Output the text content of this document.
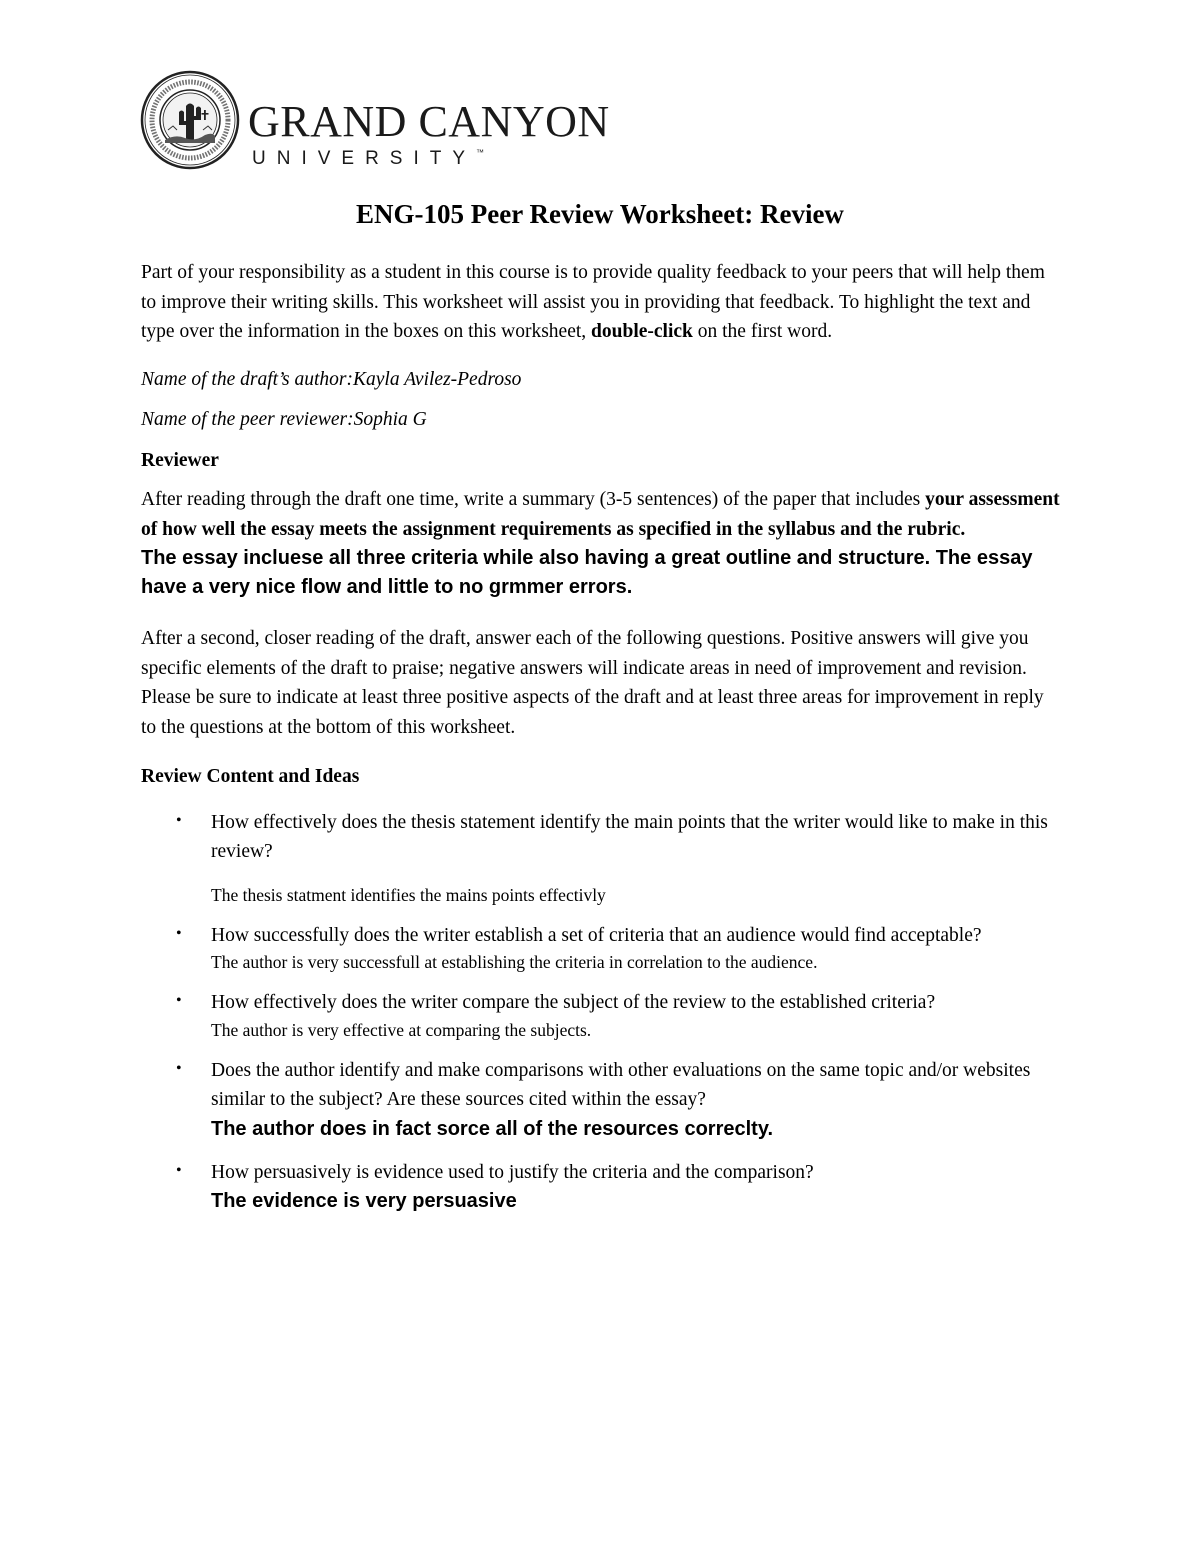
GRAND CANYON
UNIVERSITY™
ENG-105 Peer Review Worksheet: Review

Part of your responsibility as a student in this course is to provide quality feedback to your peers that will help them to improve their writing skills. This worksheet will assist you in providing that feedback. To highlight the text and type over the information in the boxes on this worksheet, double-click on the first word.

Name of the draft’s author:Kayla Avilez-Pedroso

Name of the peer reviewer:Sophia G

Reviewer

After reading through the draft one time, write a summary (3-5 sentences) of the paper that includes your assessment of how well the essay meets the assignment requirements as specified in the syllabus and the rubric.

The essay incluese all three criteria while also having a great outline and structure. The essay have a very nice flow and little to no grmmer errors.

After a second, closer reading of the draft, answer each of the following questions. Positive answers will give you specific elements of the draft to praise; negative answers will indicate areas in need of improvement and revision. Please be sure to indicate at least three positive aspects of the draft and at least three areas for improvement in reply to the questions at the bottom of this worksheet.

Review Content and Ideas

• How effectively does the thesis statement identify the main points that the writer would like to make in this review?
The thesis statment identifies the mains points effectivly
• How successfully does the writer establish a set of criteria that an audience would find acceptable?
The author is very successfull at establishing the criteria in correlation to the audience.
• How effectively does the writer compare the subject of the review to the established criteria?
The author is very effective at comparing the subjects.
• Does the author identify and make comparisons with other evaluations on the same topic and/or websites similar to the subject? Are these sources cited within the essay?
The author does in fact sorce all of the resources correclty.
• How persuasively is evidence used to justify the criteria and the comparison?
The evidence is very persuasive
